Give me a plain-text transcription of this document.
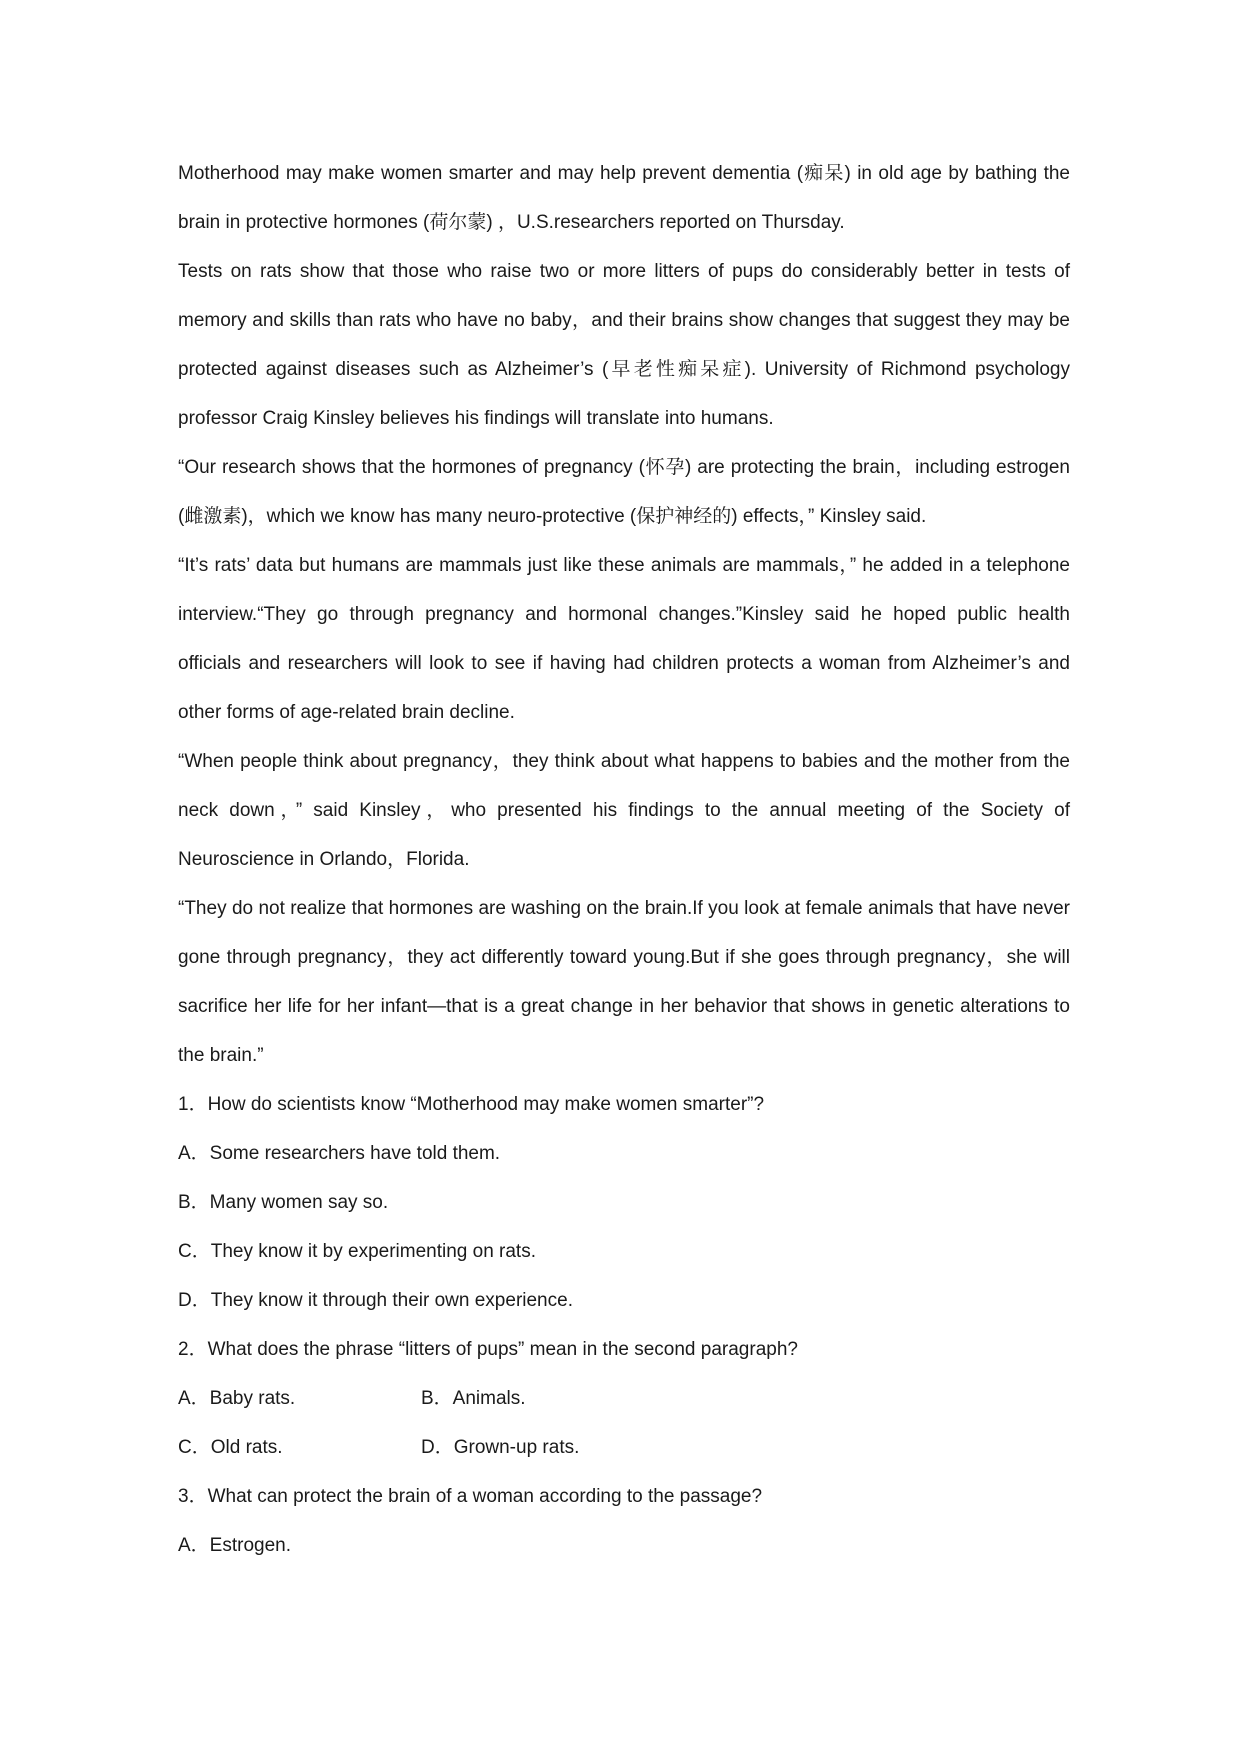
Motherhood may make women smarter and may help prevent dementia (痴呆) in old age by bathing the brain in protective hormones (荷尔蒙) ，U.S.researchers reported on Thursday.

Tests on rats show that those who raise two or more litters of pups do considerably better in tests of memory and skills than rats who have no baby，and their brains show changes that suggest they may be protected against diseases such as Alzheimer’s (早老性痴呆症). University of Richmond psychology professor Craig Kinsley believes his findings will translate into humans.

“Our research shows that the hormones of pregnancy (怀孕) are protecting the brain，including estrogen (雌激素)，which we know has many neuro-protective (保护神经的) effects，” Kinsley said.

“It’s rats’ data but humans are mammals just like these animals are mammals，” he added in a telephone interview.“They go through pregnancy and hormonal changes.”Kinsley said he hoped public health officials and researchers will look to see if having had children protects a woman from Alzheimer’s and other forms of age-related brain decline.

“When people think about pregnancy，they think about what happens to babies and the mother from the neck down，” said Kinsley，who presented his findings to the annual meeting of the Society of Neuroscience in Orlando，Florida.

“They do not realize that hormones are washing on the brain.If you look at female animals that have never gone through pregnancy，they act differently toward young.But if she goes through pregnancy，she will sacrifice her life for her infant—that is a great change in her behavior that shows in genetic alterations to the brain.”

1．How do scientists know “Motherhood may make women smarter”?

A．Some researchers have told them.

B．Many women say so.

C．They know it by experimenting on rats.

D．They know it through their own experience.

2．What does the phrase “litters of pups” mean in the second paragraph?

A．Baby rats.	B．Animals.
C．Old rats.	D．Grown-up rats.

3．What can protect the brain of a woman according to the passage?

A．Estrogen.
